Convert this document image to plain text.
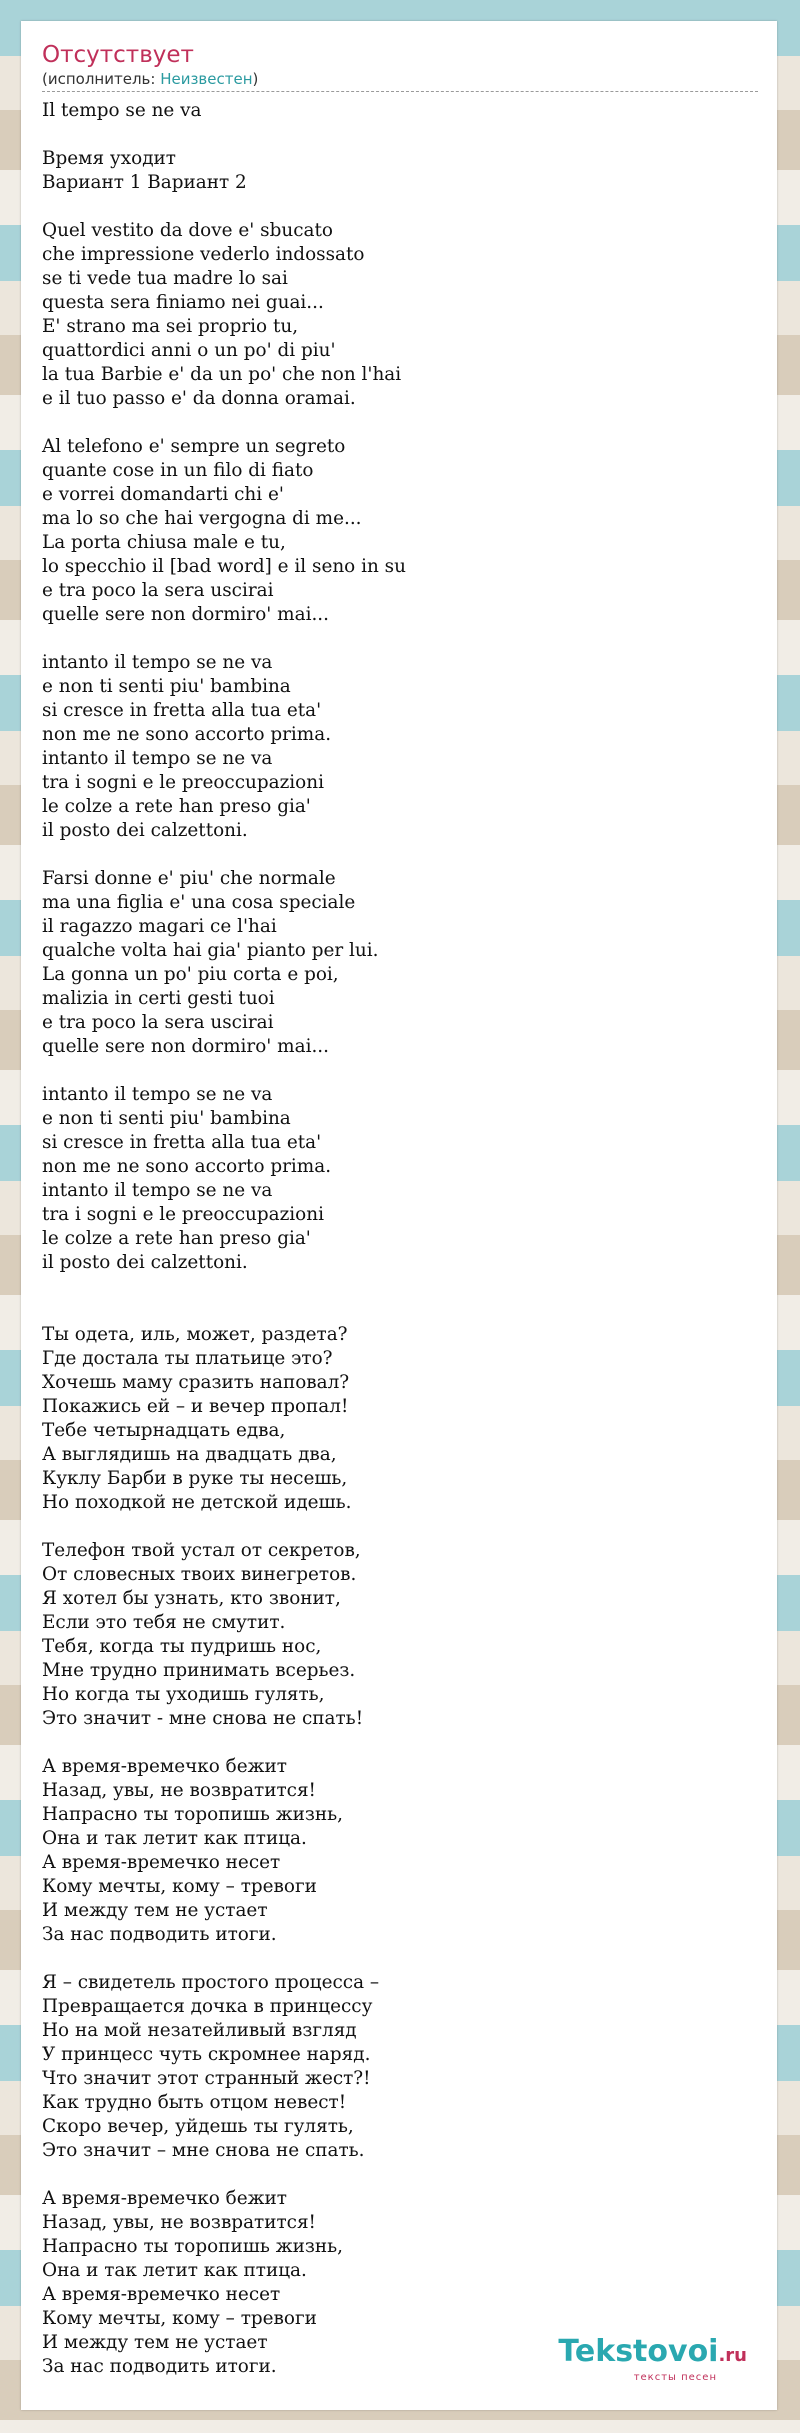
Отсутствует
(исполнитель: Неизвестен)
Il tempo se ne va
Время уходит
Вариант 1 Вариант 2
Quel vestito da dove e' sbucato
che impressione vederlo indossato
se ti vede tua madre lo sai
questa sera finiamo nei guai...
E' strano ma sei proprio tu,
quattordici anni o un po' di piu'
la tua Barbie e' da un po' che non l'hai
e il tuo passo e' da donna oramai.
Al telefono e' sempre un segreto
quante cose in un filo di fiato
e vorrei domandarti chi e'
ma lo so che hai vergogna di me...
La porta chiusa male e tu,
lo specchio il [bad word] e il seno in su
e tra poco la sera uscirai
quelle sere non dormiro' mai...
intanto il tempo se ne va
e non ti senti piu' bambina
si cresce in fretta alla tua eta'
non me ne sono accorto prima.
intanto il tempo se ne va
tra i sogni e le preoccupazioni
le colze a rete han preso gia'
il posto dei calzettoni.
Farsi donne e' piu' che normale
ma una figlia e' una cosa speciale
il ragazzo magari ce l'hai
qualche volta hai gia' pianto per lui.
La gonna un po' piu corta e poi,
malizia in certi gesti tuoi
e tra poco la sera uscirai
quelle sere non dormiro' mai...
intanto il tempo se ne va
e non ti senti piu' bambina
si cresce in fretta alla tua eta'
non me ne sono accorto prima.
intanto il tempo se ne va
tra i sogni e le preoccupazioni
le colze a rete han preso gia'
il posto dei calzettoni.
Ты одета, иль, может, раздета?
Где достала ты платьице это?
Хочешь маму сразить наповал?
Покажись ей – и вечер пропал!
Тебе четырнадцать едва,
А выглядишь на двадцать два,
Куклу Барби в руке ты несешь,
Но походкой не детской идешь.
Телефон твой устал от секретов,
От словесных твоих винегретов.
Я хотел бы узнать, кто звонит,
Если это тебя не смутит.
Тебя, когда ты пудришь нос,
Мне трудно принимать всерьез.
Но когда ты уходишь гулять,
Это значит - мне снова не спать!
А время-времечко бежит
Назад, увы, не возвратится!
Напрасно ты торопишь жизнь,
Она и так летит как птица.
А время-времечко несет
Кому мечты, кому – тревоги
И между тем не устает
За нас подводить итоги.
Я – свидетель простого процесса –
Превращается дочка в принцессу
Но на мой незатейливый взгляд
У принцесс чуть скромнее наряд.
Что значит этот странный жест?!
Как трудно быть отцом невест!
Скоро вечер, уйдешь ты гулять,
Это значит – мне снова не спать.
А время-времечко бежит
Назад, увы, не возвратится!
Напрасно ты торопишь жизнь,
Она и так летит как птица.
А время-времечко несет
Кому мечты, кому – тревоги
И между тем не устает
За нас подводить итоги.	Tekstovoi.ru
тексты песен
